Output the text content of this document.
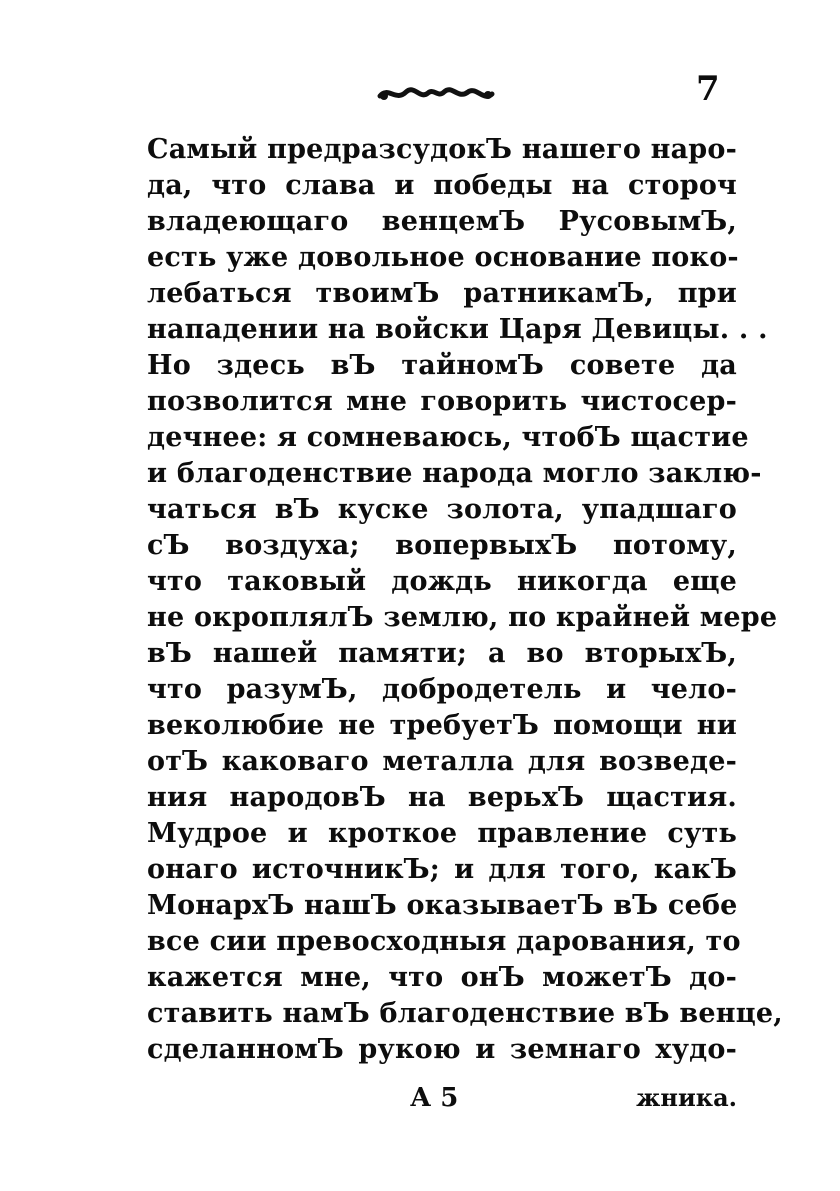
7
Самый предразсудокЪ нашего наро-
да, что слава и победы на стороч
владеющаго венцемЪ РусовымЪ,
есть уже довольное основание поко-
лебаться твоимЪ ратникамЪ, при
нападении на войски Царя Девицы. . .
Но здесь вЪ тайномЪ совете да
позволится мне говорить чистосер-
дечнее: я сомневаюсь, чтобЪ щастие
и благоденствие народа могло заклю-
чаться вЪ куске золота, упадшаго
сЪ воздуха; вопервыхЪ потому,
что таковый дождь никогда еще
не окроплялЪ землю, по крайней мере
вЪ нашей памяти; а во вторыхЪ,
что разумЪ, добродетель и чело-
веколюбие не требуетЪ помощи ни
отЪ каковаго металла для возведе-
ния народовЪ на верьхЪ щастия.
Мудрое и кроткое правление суть
онаго источникЪ; и для того, какЪ
МонархЪ нашЪ оказываетЪ вЪ себе
все сии превосходныя дарования, то
кажется мне, что онЪ можетЪ до-
ставить намЪ благоденствие вЪ венце,
сделанномЪ рукою и земнаго худо-
А 5	жника.
